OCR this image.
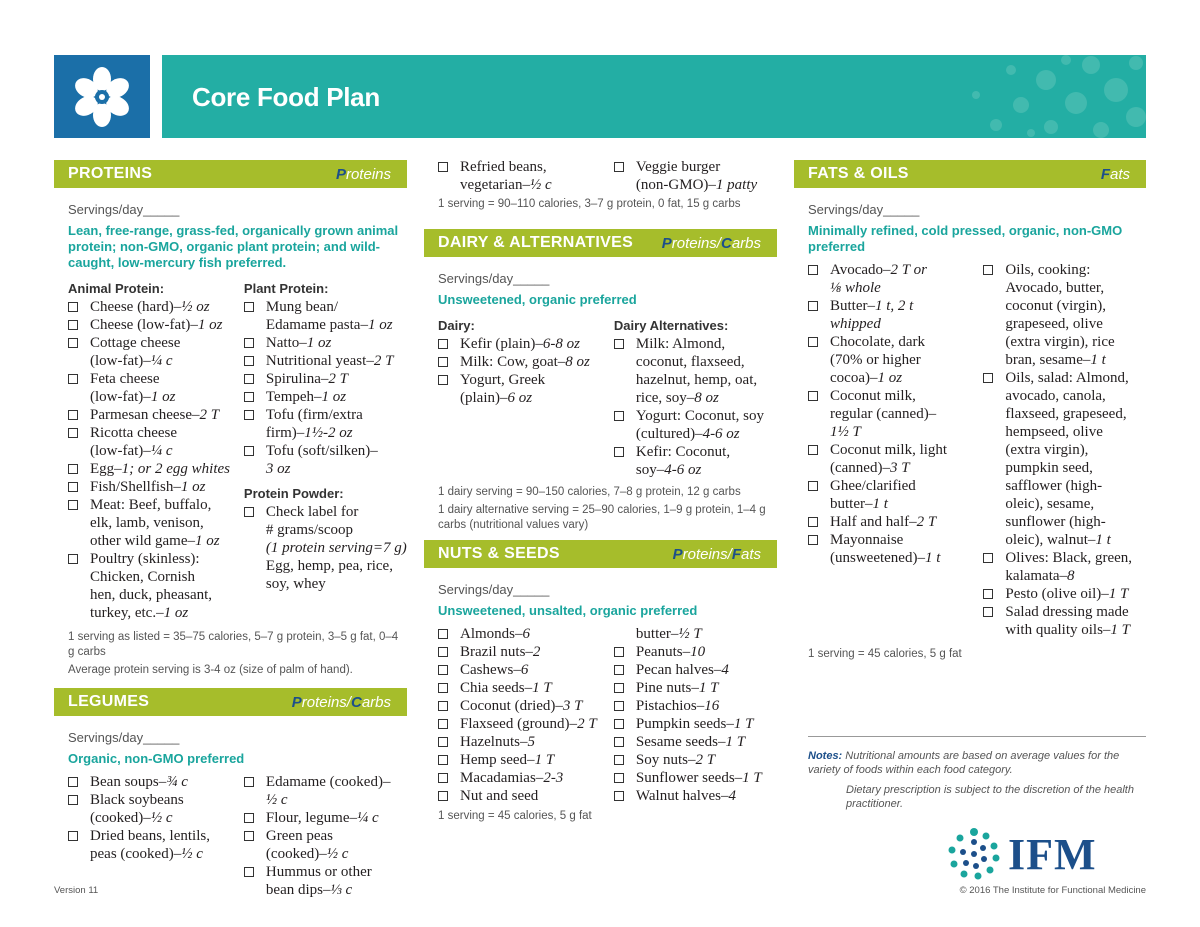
Core Food Plan
PROTEINS	Proteins
Servings/day_____
Lean, free-range, grass-fed, organically grown animal protein; non-GMO, organic plant protein; and wild-caught, low-mercury fish preferred.
Animal Protein:
Cheese (hard)–½ oz
Cheese (low-fat)–1 oz
Cottage cheese
(low-fat)–¼ c
Feta cheese
(low-fat)–1 oz
Parmesan cheese–2 T
Ricotta cheese
(low-fat)–¼ c
Egg–1; or 2 egg whites
Fish/Shellfish–1 oz
Meat: Beef, buffalo,
elk, lamb, venison,
other wild game–1 oz
Poultry (skinless):
Chicken, Cornish
hen, duck, pheasant,
turkey, etc.–1 oz
Plant Protein:
Mung bean/
Edamame pasta–1 oz
Natto–1 oz
Nutritional yeast–2 T
Spirulina–2 T
Tempeh–1 oz
Tofu (firm/extra
firm)–1½-2 oz
Tofu (soft/silken)–
3 oz
Protein Powder:
Check label for
# grams/scoop
(1 protein serving=7 g)
Egg, hemp, pea, rice,
soy, whey
1 serving as listed = 35–75 calories, 5–7 g protein, 3–5 g fat, 0–4 g carbs
Average protein serving is 3-4 oz (size of palm of hand).
LEGUMES	Proteins/Carbs
Servings/day_____
Organic, non-GMO preferred
Bean soups–¾ c
Black soybeans
(cooked)–½ c
Dried beans, lentils,
peas (cooked)–½ c
Edamame (cooked)–
½ c
Flour, legume–¼ c
Green peas
(cooked)–½ c
Hummus or other
bean dips–⅓ c
Version 11
Refried beans,
vegetarian–½ c
Veggie burger
(non-GMO)–1 patty
1 serving = 90–110 calories, 3–7 g protein, 0 fat, 15 g carbs
DAIRY & ALTERNATIVES Proteins/Carbs
Servings/day_____
Unsweetened, organic preferred
Dairy:
Kefir (plain)–6-8 oz
Milk: Cow, goat–8 oz
Yogurt, Greek
(plain)–6 oz
Dairy Alternatives:
Milk: Almond,
coconut, flaxseed,
hazelnut, hemp, oat,
rice, soy–8 oz
Yogurt: Coconut, soy
(cultured)–4-6 oz
Kefir: Coconut,
soy–4-6 oz
1 dairy serving = 90–150 calories, 7–8 g protein, 12 g carbs
1 dairy alternative serving = 25–90 calories, 1–9 g protein, 1–4 g carbs (nutritional values vary)
NUTS & SEEDS	Proteins/Fats
Servings/day_____
Unsweetened, unsalted, organic preferred
Almonds–6
Brazil nuts–2
Cashews–6
Chia seeds–1 T
Coconut (dried)–3 T
Flaxseed (ground)–2 T
Hazelnuts–5
Hemp seed–1 T
Macadamias–2-3
Nut and seed
butter–½ T
Peanuts–10
Pecan halves–4
Pine nuts–1 T
Pistachios–16
Pumpkin seeds–1 T
Sesame seeds–1 T
Soy nuts–2 T
Sunflower seeds–1 T
Walnut halves–4
1 serving = 45 calories, 5 g fat
FATS & OILS	Fats
Servings/day_____
Minimally refined, cold pressed, organic, non-GMO preferred
Avocado–2 T or
⅛ whole
Butter–1 t, 2 t
whipped
Chocolate, dark
(70% or higher
cocoa)–1 oz
Coconut milk,
regular (canned)–
1½ T
Coconut milk, light
(canned)–3 T
Ghee/clarified
butter–1 t
Half and half–2 T
Mayonnaise
(unsweetened)–1 t
Oils, cooking:
Avocado, butter,
coconut (virgin),
grapeseed, olive
(extra virgin), rice
bran, sesame–1 t
Oils, salad: Almond,
avocado, canola,
flaxseed, grapeseed,
hempseed, olive
(extra virgin),
pumpkin seed,
safflower (high-
oleic), sesame,
sunflower (high-
oleic), walnut–1 t
Olives: Black, green,
kalamata–8
Pesto (olive oil)–1 T
Salad dressing made
with quality oils–1 T
1 serving = 45 calories, 5 g fat

Notes: Nutritional amounts are based on average values for the variety of foods within each food category.

Dietary prescription is subject to the discretion of the health practitioner.

IFM
© 2016 The Institute for Functional Medicine
